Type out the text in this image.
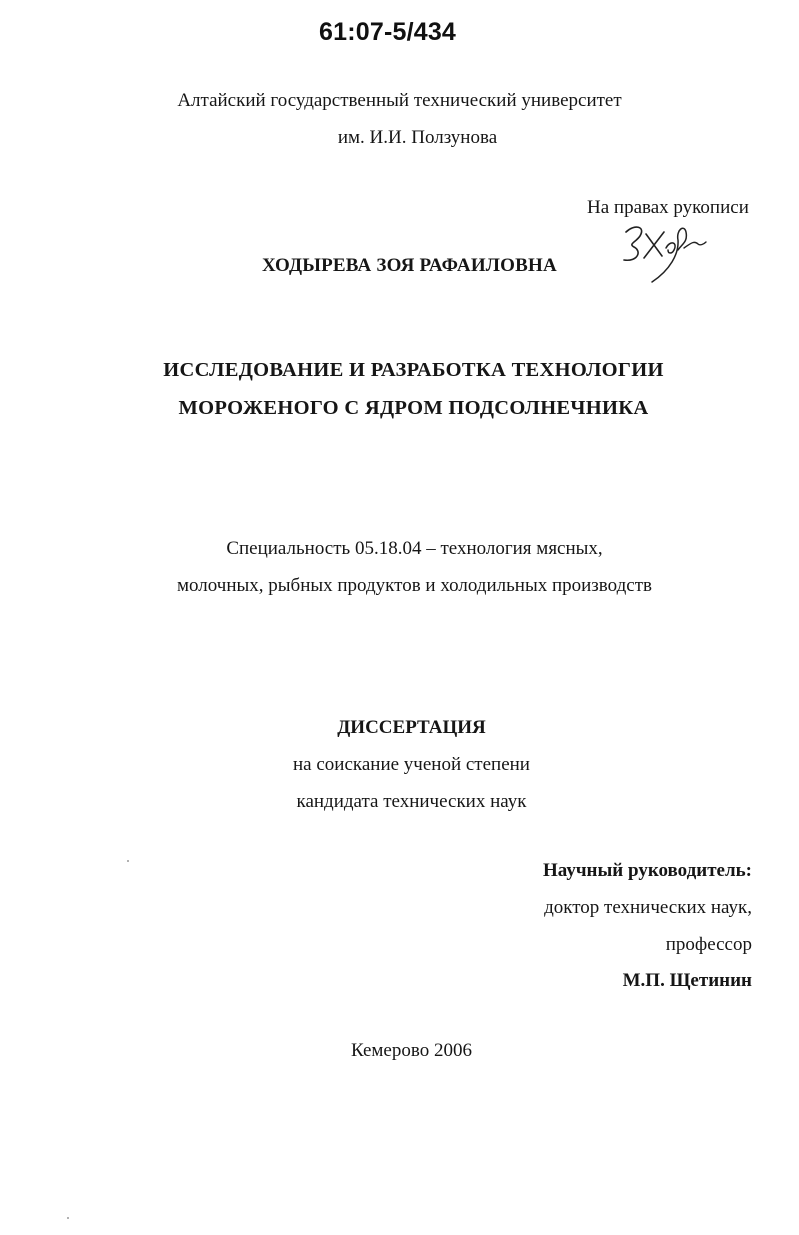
61:07-5/434
Алтайский государственный технический университет
им. И.И. Ползунова
На правах рукописи
ХОДЫРЕВА ЗОЯ РАФАИЛОВНА
ИССЛЕДОВАНИЕ И РАЗРАБОТКА ТЕХНОЛОГИИ
МОРОЖЕНОГО С ЯДРОМ ПОДСОЛНЕЧНИКА
Специальность 05.18.04 – технология мясных,
молочных, рыбных продуктов и холодильных производств
ДИССЕРТАЦИЯ
на соискание ученой степени
кандидата технических наук
Научный руководитель:
доктор технических наук,
профессор
М.П. Щетинин
Кемерово 2006
